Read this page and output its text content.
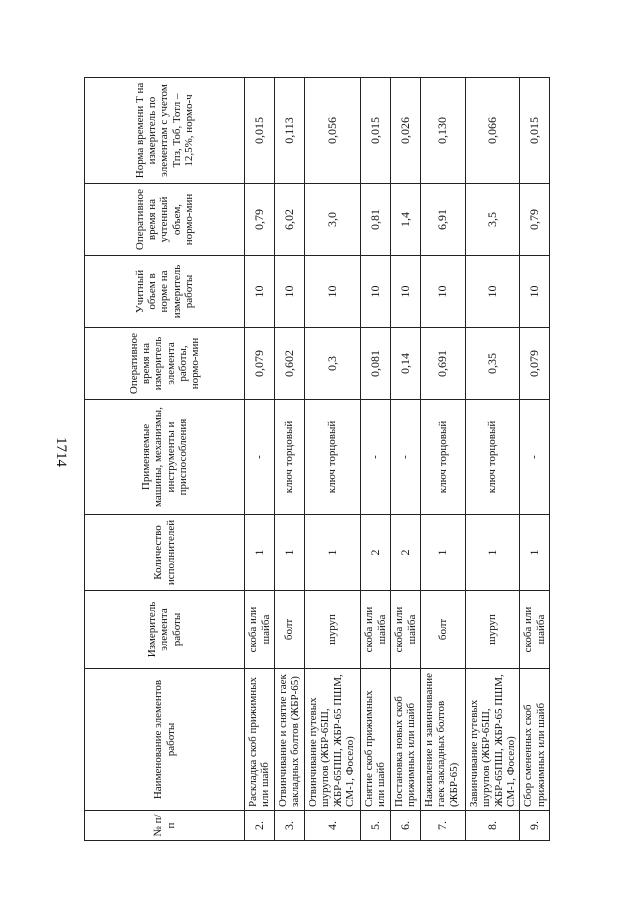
1714
№ п/п	Наименование элементов работы	Измеритель элемента работы	Количество исполнителей	Применяемые машины, механизмы, инструменты и приспособления	Оперативное время на измеритель элемента работы, нормо-мин	Учитный объем в норме на измеритель работы	Оперативное время на учтенный объем, нормо-мин	Норма времени Т на измеритель по элементам с учетом Тпз, Тоб, Тотл – 12,5%, нормо-ч
2.	Раскладка скоб прижимных или шайб	скоба или шайба	1	-	0,079	10	0,79	0,015
3.	Отвинчивание и снятие гаек закладных болтов (ЖБР-65)	болт	1	ключ торцовый	0,602	10	6,02	0,113
4.	Отвинчивание путевых шурупов (ЖБР-65Ш, ЖБР-65ПШ, ЖБР-65 ПШМ, СМ-1, Фосело)	шуруп	1	ключ торцовый	0,3	10	3,0	0,056
5.	Снятие скоб прижимных или шайб	скоба или шайба	2	-	0,081	10	0,81	0,015
6.	Постановка новых скоб прижимных или шайб	скоба или шайба	2	-	0,14	10	1,4	0,026
7.	Наживление и завинчивание гаек закладных болтов (ЖБР-65)	болт	1	ключ торцовый	0,691	10	6,91	0,130
8.	Завинчивание путевых шурупов (ЖБР-65Ш, ЖБР-65ПШ, ЖБР-65 ПШМ, СМ-1, Фосело)	шуруп	1	ключ торцовый	0,35	10	3,5	0,066
9.	Сбор смененных скоб прижимных или шайб	скоба или шайба	1	-	0,079	10	0,79	0,015
